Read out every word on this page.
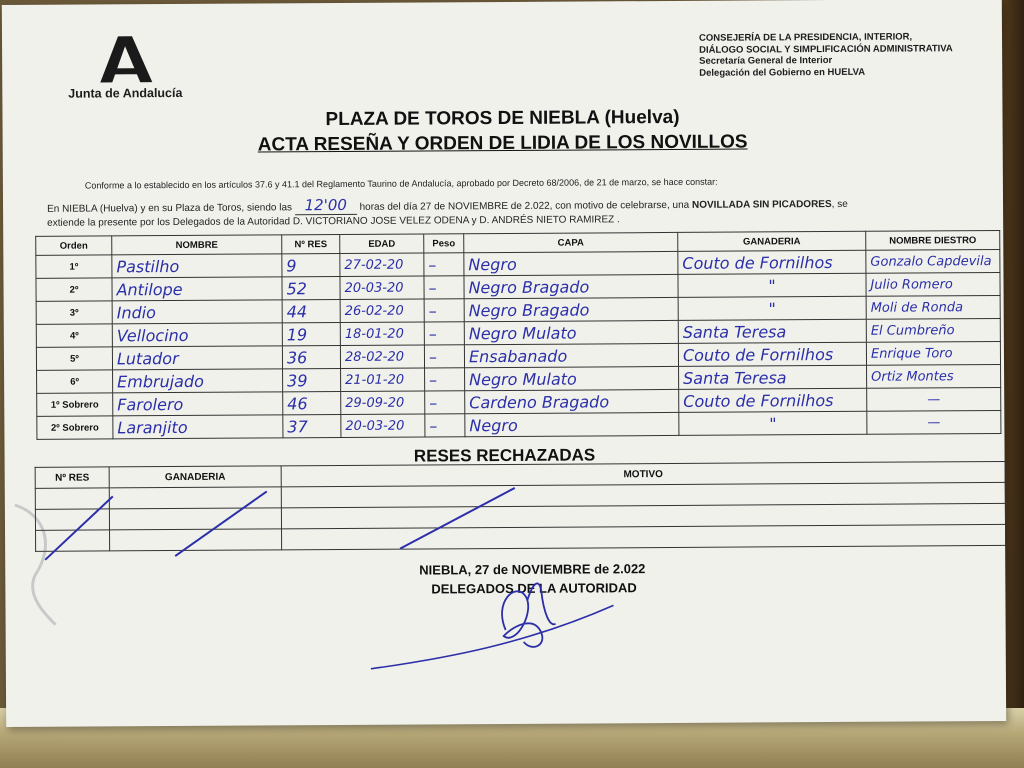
Junta de Andalucía
CONSEJERÍA DE LA PRESIDENCIA, INTERIOR,
DIÁLOGO SOCIAL Y SIMPLIFICACIÓN ADMINISTRATIVA
Secretaría General de Interior
Delegación del Gobierno en HUELVA
PLAZA DE TOROS DE NIEBLA (Huelva)
ACTA RESEÑA Y ORDEN DE LIDIA DE LOS NOVILLOS
Conforme a lo establecido en los artículos 37.6 y 41.1 del Reglamento Taurino de Andalucía, aprobado por Decreto 68/2006, de 21 de marzo, se hace constar:
En NIEBLA (Huelva) y en su Plaza de Toros, siendo las 12'00 horas del día 27 de NOVIEMBRE de 2.022, con motivo de celebrarse, una NOVILLADA SIN PICADORES, se
extiende la presente por los Delegados de la Autoridad D. VICTORIANO JOSE VELEZ ODENA y D. ANDRÉS NIETO RAMIREZ .
Orden	NOMBRE	Nº RES	EDAD	Peso	CAPA	GANADERIA	NOMBRE DIESTRO
1º	Pastilho	9	27-02-20	–	Negro	Couto de Fornilhos	Gonzalo Capdevila
2º	Antilope	52	20-03-20	–	Negro Bragado	"	Julio Romero
3º	Indio	44	26-02-20	–	Negro Bragado	"	Moli de Ronda
4º	Vellocino	19	18-01-20	–	Negro Mulato	Santa Teresa	El Cumbreño
5º	Lutador	36	28-02-20	–	Ensabanado	Couto de Fornilhos	Enrique Toro
6º	Embrujado	39	21-01-20	–	Negro Mulato	Santa Teresa	Ortiz Montes
1º Sobrero	Farolero	46	29-09-20	–	Cardeno Bragado	Couto de Fornilhos	—
2º Sobrero	Laranjito	37	20-03-20	–	Negro	"	—
RESES RECHAZADAS
Nº RES	GANADERIA	MOTIVO

NIEBLA, 27 de NOVIEMBRE de 2.022
DELEGADOS DE LA AUTORIDAD
